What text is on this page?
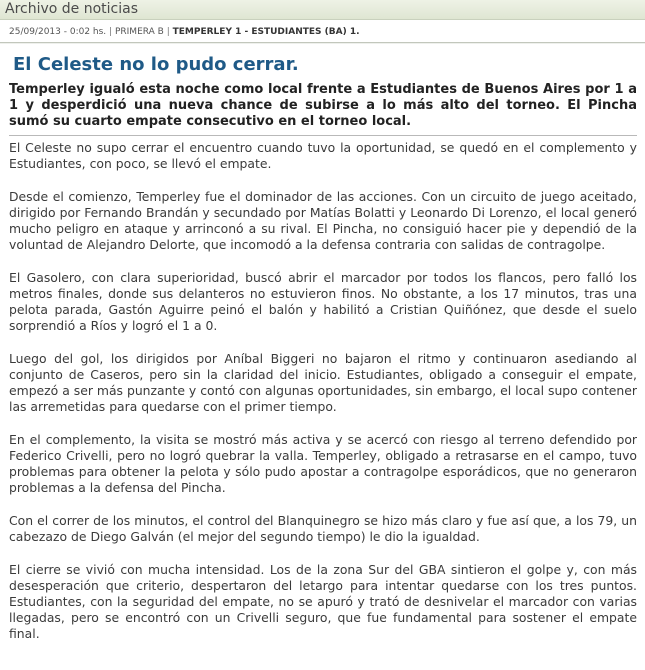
Archivo de noticias
25/09/2013 - 0:02 hs. | PRIMERA B | TEMPERLEY 1 - ESTUDIANTES (BA) 1.
El Celeste no lo pudo cerrar.
Temperley igualó esta noche como local frente a Estudiantes de Buenos Aires por 1 a 1 y desperdició una nueva chance de subirse a lo más alto del torneo. El Pincha sumó su cuarto empate consecutivo en el torneo local.

El Celeste no supo cerrar el encuentro cuando tuvo la oportunidad, se quedó en el complemento y Estudiantes, con poco, se llevó el empate.

Desde el comienzo, Temperley fue el dominador de las acciones. Con un circuito de juego aceitado, dirigido por Fernando Brandán y secundado por Matías Bolatti y Leonardo Di Lorenzo, el local generó mucho peligro en ataque y arrinconó a su rival. El Pincha, no consiguió hacer pie y dependió de la voluntad de Alejandro Delorte, que incomodó a la defensa contraria con salidas de contragolpe.

El Gasolero, con clara superioridad, buscó abrir el marcador por todos los flancos, pero falló los metros finales, donde sus delanteros no estuvieron finos. No obstante, a los 17 minutos, tras una pelota parada, Gastón Aguirre peinó el balón y habilitó a Cristian Quiñónez, que desde el suelo sorprendió a Ríos y logró el 1 a 0.

Luego del gol, los dirigidos por Aníbal Biggeri no bajaron el ritmo y continuaron asediando al conjunto de Caseros, pero sin la claridad del inicio. Estudiantes, obligado a conseguir el empate, empezó a ser más punzante y contó con algunas oportunidades, sin embargo, el local supo contener las arremetidas para quedarse con el primer tiempo.

En el complemento, la visita se mostró más activa y se acercó con riesgo al terreno defendido por Federico Crivelli, pero no logró quebrar la valla. Temperley, obligado a retrasarse en el campo, tuvo problemas para obtener la pelota y sólo pudo apostar a contragolpe esporádicos, que no generaron problemas a la defensa del Pincha.

Con el correr de los minutos, el control del Blanquinegro se hizo más claro y fue así que, a los 79, un cabezazo de Diego Galván (el mejor del segundo tiempo) le dio la igualdad.

El cierre se vivió con mucha intensidad. Los de la zona Sur del GBA sintieron el golpe y, con más desesperación que criterio, despertaron del letargo para intentar quedarse con los tres puntos. Estudiantes, con la seguridad del empate, no se apuró y trató de desnivelar el marcador con varias llegadas, pero se encontró con un Crivelli seguro, que fue fundamental para sostener el empate final.
